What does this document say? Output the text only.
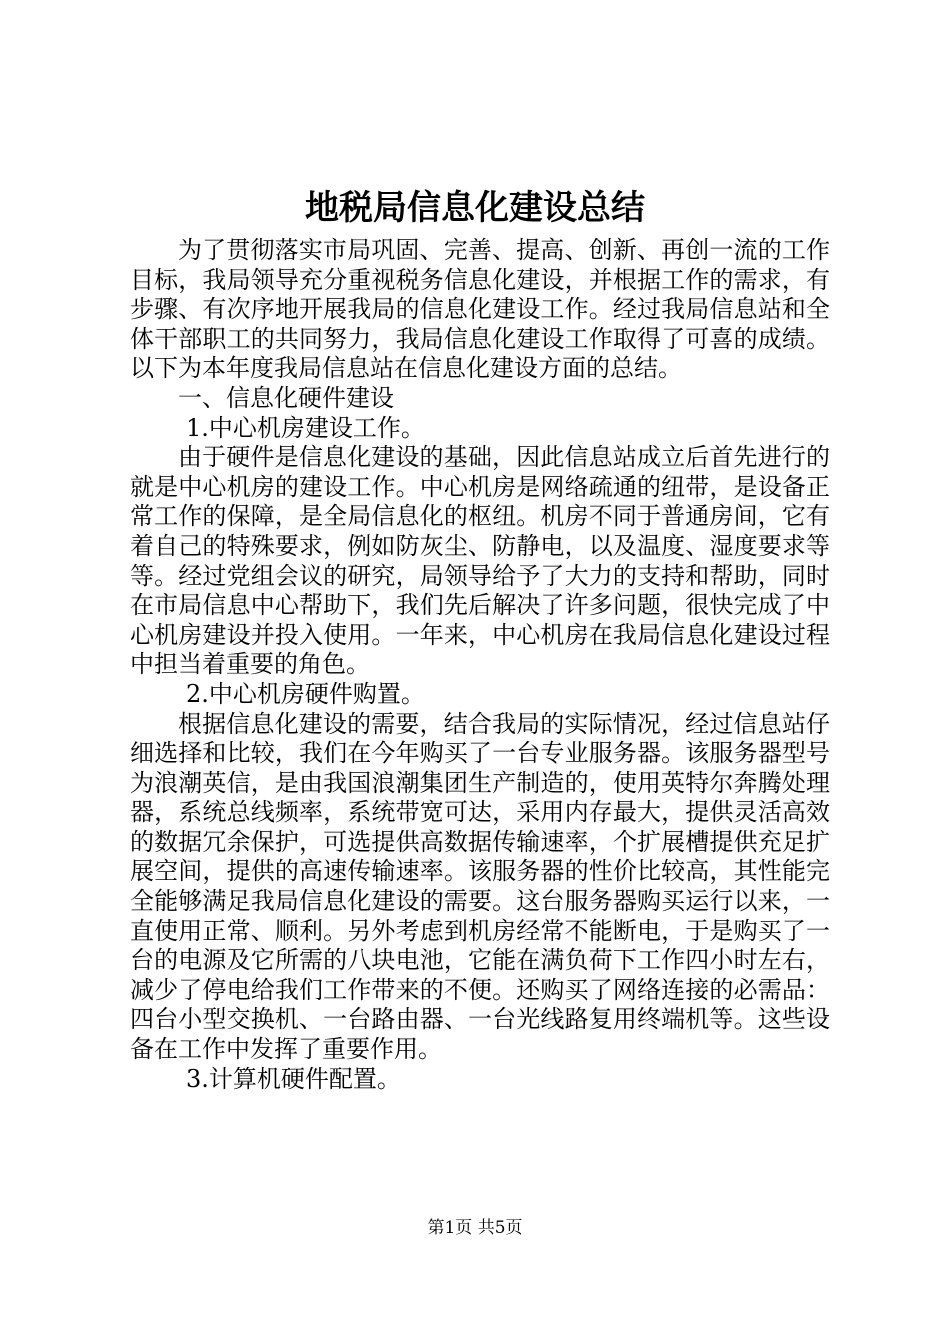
地税局信息化建设总结

为了贯彻落实市局巩固、完善、提高、创新、再创一流的工作目标，我局领导充分重视税务信息化建设，并根据工作的需求，有步骤、有次序地开展我局的信息化建设工作。经过我局信息站和全体干部职工的共同努力，我局信息化建设工作取得了可喜的成绩。以下为本年度我局信息站在信息化建设方面的总结。

一、信息化硬件建设

1.中心机房建设工作。

由于硬件是信息化建设的基础，因此信息站成立后首先进行的就是中心机房的建设工作。中心机房是网络疏通的纽带，是设备正常工作的保障，是全局信息化的枢纽。机房不同于普通房间，它有着自己的特殊要求，例如防灰尘、防静电，以及温度、湿度要求等等。经过党组会议的研究，局领导给予了大力的支持和帮助，同时在市局信息中心帮助下，我们先后解决了许多问题，很快完成了中心机房建设并投入使用。一年来，中心机房在我局信息化建设过程中担当着重要的角色。

2.中心机房硬件购置。

根据信息化建设的需要，结合我局的实际情况，经过信息站仔细选择和比较，我们在今年购买了一台专业服务器。该服务器型号为浪潮英信，是由我国浪潮集团生产制造的，使用英特尔奔腾处理器，系统总线频率，系统带宽可达，采用内存最大，提供灵活高效的数据冗余保护，可选提供高数据传输速率，个扩展槽提供充足扩展空间，提供的高速传输速率。该服务器的性价比较高，其性能完全能够满足我局信息化建设的需要。这台服务器购买运行以来，一直使用正常、顺利。另外考虑到机房经常不能断电，于是购买了一台的电源及它所需的八块电池，它能在满负荷下工作四小时左右，减少了停电给我们工作带来的不便。还购买了网络连接的必需品：四台小型交换机、一台路由器、一台光线路复用终端机等。这些设备在工作中发挥了重要作用。

3.计算机硬件配置。

第1页 共5页
